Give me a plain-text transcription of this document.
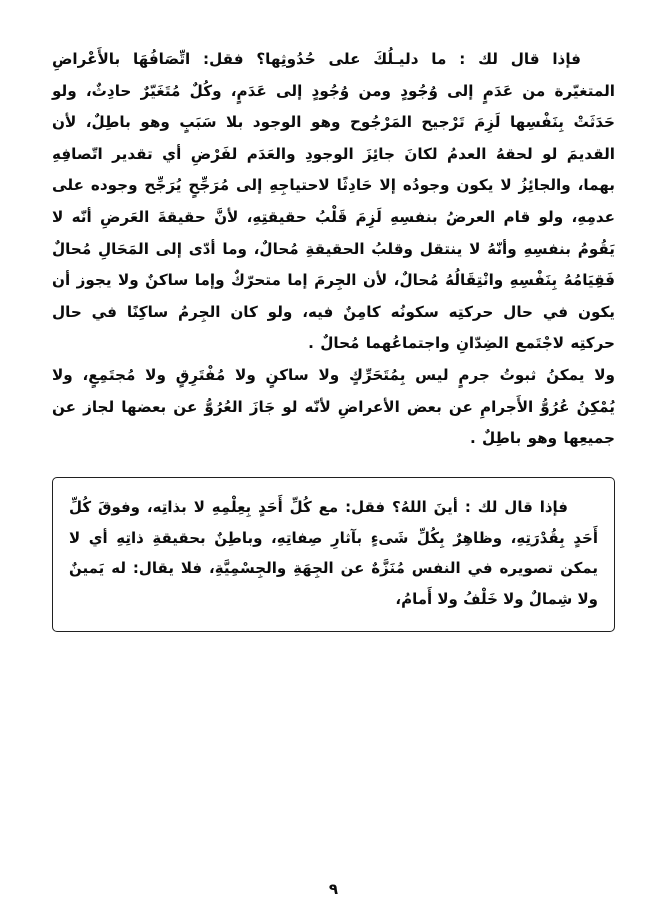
فإذا قال لك : ما دليـلُكَ على حُدُوثِها؟ فقل: اتِّصَافُهَا بالأَعْراضِ المتغيّرة من عَدَمٍ إلى وُجُودٍ ومن وُجُودٍ إلى عَدَمٍ، وكُلٌ مُتَغَيّرٌ حادِثٌ، ولو حَدَثَتْ بِنَفْسِها لَزِمَ تَرْجيح المَرْجُوح وهو الوجود بلا سَبَبٍ وهو باطِلٌ، لأن القديمَ لو لحقهُ العدمُ لكانَ جائِزَ الوجودِ والعَدَم لفَرْضِ أي تقدير اتّصافِهِ بهما، والجائِزُ لا يكون وجودُه إلا حَادِثًا لاحتياجِهِ إلى مُرَجِّحٍ يُرَجِّح وجوده على عدمِهِ، ولو قام العرضُ بنفسِهِ لَزِمَ قَلْبُ حقيقتِهِ، لأنَّ حقيقةَ العَرضِ أنّه لا يَقُومُ بنفسِهِ وأنّهُ لا ينتقل وقلبُ الحقيقةِ مُحالٌ، وما أدّى إلى المَحَالِ مُحالٌ فَقِيَامُهُ بِنَفْسِهِ وانْتِقَالُهُ مُحالٌ، لأن الجِرمَ إما متحرّكٌ وإما ساكنٌ ولا يجوز أن يكون في حال حركتِه سكونُه كامِنٌ فيه، ولو كان الجِرمُ ساكِنًا في حال حركتِه لاجْتَمع الضِدّانِ واجتماعُهما مُحالٌ .

ولا يمكنُ ثبوتُ جرمٍ ليس بِمُتَحَرِّكٍ ولا ساكنٍ ولا مُفْتَرِقٍ ولا مُجتَمِعٍ، ولا يُمْكِنُ عُرُوُّ الأَجرامِ عن بعض الأعراضِ لأنّه لو جَازَ العُرُوُّ عن بعضها لجاز عن جميعِها وهو باطِلٌ .

فإذا قال لك : أينَ اللهُ؟ فقل: مع كُلِّ أَحَدٍ بِعِلْمِهِ لا بذاتِه، وفوقَ كُلِّ أَحَدٍ بِقُدْرَتِهِ، وظاهِرٌ بِكُلِّ شَىءٍ بآثارِ صِفاتِهِ، وباطِنٌ بحقيقةِ ذاتِهِ أي لا يمكن تصويره في النفس مُنَزَّهٌ عن الجِهَةِ والجِسْمِيَّةِ، فلا يقال: له يَمينٌ ولا شِمالٌ ولا خَلْفُ ولا أَمامُ،

٩
